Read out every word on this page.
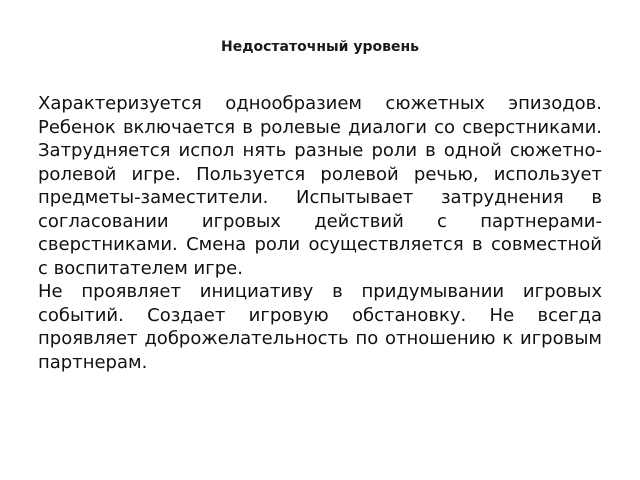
Недостаточный уровень

Характеризуется однообразием сюжетных эпизодов. Ребенок включается в ролевые диалоги со сверстниками. Затрудняется испол нять разные роли в одной сюжетно-ролевой игре. Пользуется ролевой речью, использует предметы-заместители. Испытывает затруднения в согласовании игровых действий с партнерами-сверстниками. Смена роли осуществляется в совместной с воспитателем игре.

Не проявляет инициативу в придумывании игровых событий. Создает игровую обстановку. Не всегда проявляет доброжелательность по отношению к игровым партнерам.
